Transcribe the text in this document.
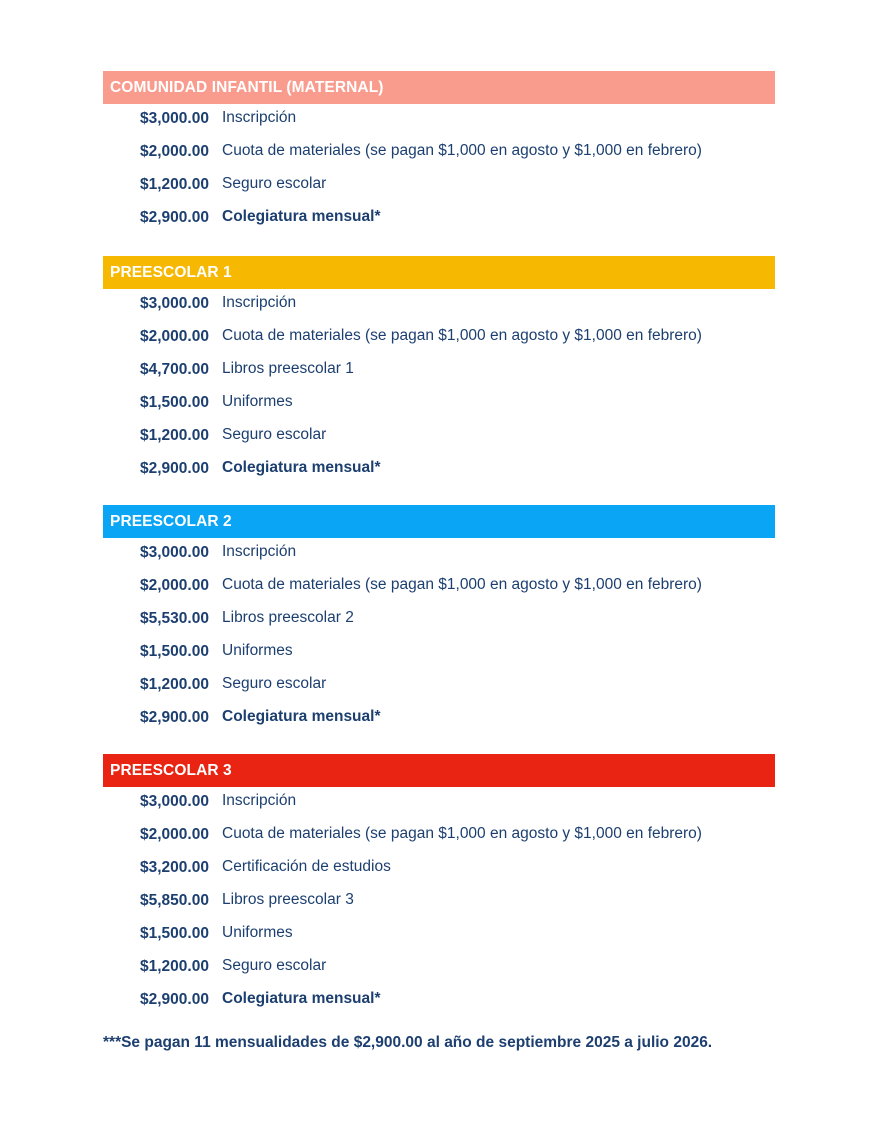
COMUNIDAD INFANTIL (MATERNAL)
$3,000.00 Inscripción
$2,000.00 Cuota de materiales (se pagan $1,000 en agosto y $1,000 en febrero)
$1,200.00 Seguro escolar
$2,900.00 Colegiatura mensual*
PREESCOLAR 1
$3,000.00 Inscripción
$2,000.00 Cuota de materiales (se pagan $1,000 en agosto y $1,000 en febrero)
$4,700.00 Libros preescolar 1
$1,500.00 Uniformes
$1,200.00 Seguro escolar
$2,900.00 Colegiatura mensual*
PREESCOLAR 2
$3,000.00 Inscripción
$2,000.00 Cuota de materiales (se pagan $1,000 en agosto y $1,000 en febrero)
$5,530.00 Libros preescolar 2
$1,500.00 Uniformes
$1,200.00 Seguro escolar
$2,900.00 Colegiatura mensual*
PREESCOLAR 3
$3,000.00 Inscripción
$2,000.00 Cuota de materiales (se pagan $1,000 en agosto y $1,000 en febrero)
$3,200.00 Certificación de estudios
$5,850.00 Libros preescolar 3
$1,500.00 Uniformes
$1,200.00 Seguro escolar
$2,900.00 Colegiatura mensual*
***Se pagan 11 mensualidades de $2,900.00 al año de septiembre 2025 a julio 2026.
